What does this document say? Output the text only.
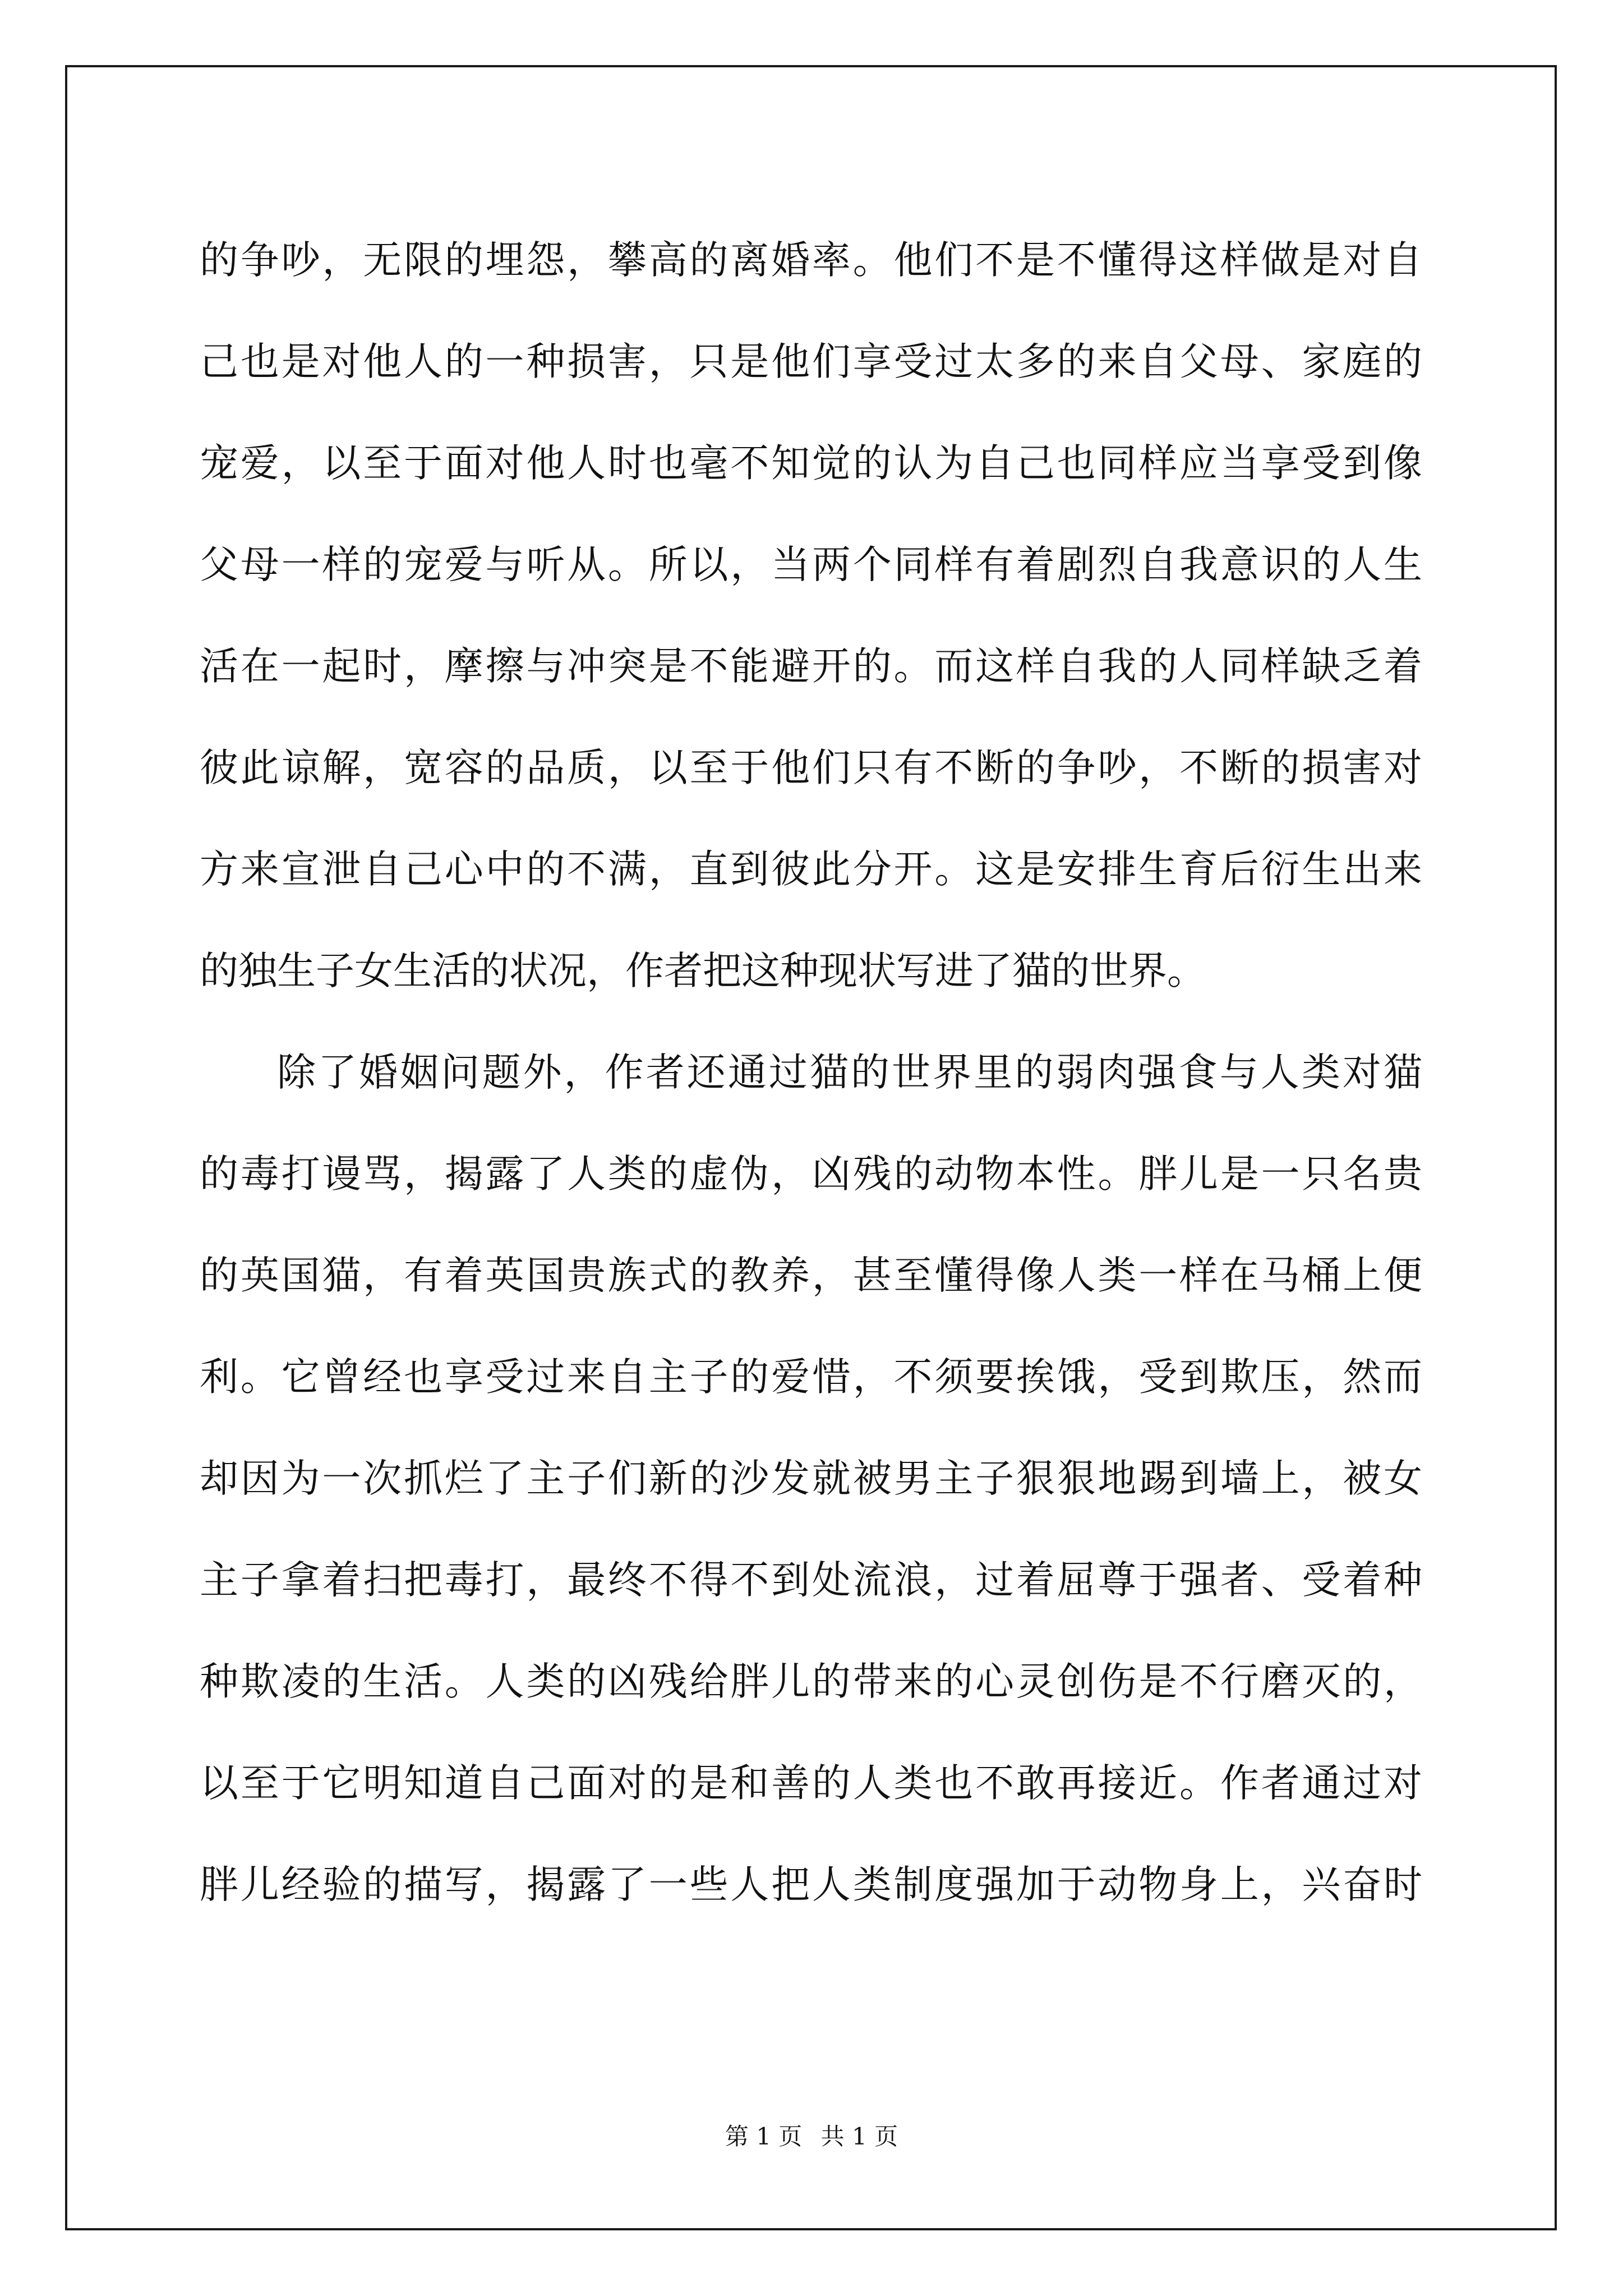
的争吵，无限的埋怨，攀高的离婚率。他们不是不懂得这样做是对自
己也是对他人的一种损害，只是他们享受过太多的来自父母、家庭的
宠爱，以至于面对他人时也毫不知觉的认为自己也同样应当享受到像
父母一样的宠爱与听从。所以，当两个同样有着剧烈自我意识的人生
活在一起时，摩擦与冲突是不能避开的。而这样自我的人同样缺乏着
彼此谅解，宽容的品质，以至于他们只有不断的争吵，不断的损害对
方来宣泄自己心中的不满，直到彼此分开。这是安排生育后衍生出来
的独生子女生活的状况，作者把这种现状写进了猫的世界。
除了婚姻问题外，作者还通过猫的世界里的弱肉强食与人类对猫
的毒打谩骂，揭露了人类的虚伪，凶残的动物本性。胖儿是一只名贵
的英国猫，有着英国贵族式的教养，甚至懂得像人类一样在马桶上便
利。它曾经也享受过来自主子的爱惜，不须要挨饿，受到欺压，然而
却因为一次抓烂了主子们新的沙发就被男主子狠狠地踢到墙上，被女
主子拿着扫把毒打，最终不得不到处流浪，过着屈尊于强者、受着种
种欺凌的生活。人类的凶残给胖儿的带来的心灵创伤是不行磨灭的，
以至于它明知道自己面对的是和善的人类也不敢再接近。作者通过对
胖儿经验的描写，揭露了一些人把人类制度强加于动物身上，兴奋时
第 1 页 共 1 页
